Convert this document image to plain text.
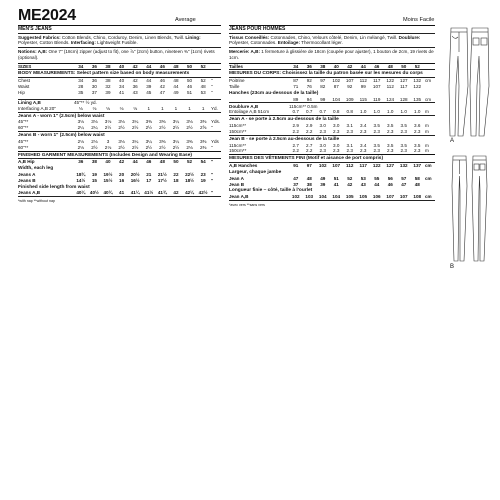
ME2024	Average	Moins Facile
MEN'S JEANS
Suggested Fabrics: Cotton Blends, Chino, Corduroy, Denim, Linen Blends, Twill. Lining: Polyester, Cotton Blends. Interfacing: Lightweight Fusible.
Notions: A,B: One 7" (18cm) zipper (adjust to fit), one ⅞" (2cm) button, nineteen ⅜" (1cm) rivets (optional).
SIZES	34	36	38	40	42	44	46	48	50	52
BODY MEASUREMENTS: Select pattern size based on body measurements
Chest	34	36	38	40	42	44	46	48	50	52	"
Waist	28	30	32	34	36	39	42	44	46	48	"
Hip	35	37	39	41	43	45	47	49	51	53	"
Lining A,B	45"** ½ yd.
Interfacing A,B 20"	⅛	⅛	⅛	⅛	⅛	1	1	1	1	1	Yd.
Jeans A - worn 1" (2.5cm) below waist
45"**	3⅛	3⅛	3⅛	3⅛	3¼	3⅜	3⅜	3¼	3⅛	3⅜	Yds.
60"**	2¼	2¼	2½	2½	2½	2½	2½	2½	2½	2⅝	"
Jeans B - worn 1" (2.5cm) below waist
45"**	2⅛	2⅛	3	3⅛	3¼	3¼	3⅜	3¼	3⅜	3⅜	Yds
60"**	2⅛	2½	2⅛	2½	2½	2½	2½	2½	2⅛	2⅜	"
FINISHED GARMENT MEASUREMENTS (Includes Design and Wearing Ease)
A,B Hip	36	38	40	42	44	46	48	50	52	54	"
Width, each leg
Jeans A	18¾	19	19½	20	20½	21	21½	22	22½	23	"
Jeans B	14½	15	15½	16	16½	17	17½	18	18½	19	"
Finished side length from waist
Jeans A,B	40¼	40½	40¾	41	41¼	41½	41¾	42	42¼	42½ "
*with nap **without nap
JEANS POUR HOMMES
Tissus Conseillés: Cotonnades, Chino, Velours côtelé, Denim, Lin mélangé, Twill. Doublure: Polyester, Cotonnades. Entoilage: Thermocollant léger.
Mercerie: A,B: 1 fermeture à glissière de 18cm (coupée pour ajuster), 1 bouton de 2cm, 19 rivets de 1cm.
Tailles	34	36	38	40	42	44	46	48	50	52
MESURES DU CORPS: Choisissez la taille du patron basée sur les mesures du corps
Poitrine	87	92	97	102	107	112	117	122	127	132 cm
Taille	71	76	82	87	92	99	107	112	117	122
Hanches (23cm au-dessous de la taille)
89	94	99	104	109	115	119	124	128	135 cm
Doublure A,B	115cm** 0.5m
Entoilage A,B 51cm	0.7	0.7	0.7	0.8	0.8	1.0	1.0	1.0	1.0	1.0 m
Jean A - se porte à 2.5cm au-dessous de la taille
115cm**	2.9	2.9	3.0	3.0	3.1	3.4	3.5	3.5	3.5	3.6 m
150cm**	2.2	2.2	2.3	2.3	2.3	2.3	2.3	2.3	2.3	2.3 m
Jean B - se porte à 2.5cm au-dessous de la taille
115cm**	2.7	2.7	3.0	3.0	3.1	3.4	3.5	3.5	3.5	3.5 m
150cm**	2.2	2.2	2.3	2.3	2.3	2.3	2.3	2.3	2.3	2.3 m
MESURES DES VÊTEMENTS FINI (Motif et aisance de port compris)
A,B Hanches	91	97	102	107	112	117	122	127	132	137 cm
Largeur, chaque jambe
Jean A	47	48	49	51	52	53	55	56	57	58	cm
Jean B	37	38	39	41	42	43	44	46	47	48
Longueur finie – côté, taille à l'ourlet
Jean A,B	102	103	104	104	105	105	106	107	107	108 cm
*avec vers **sans vers
A
B
